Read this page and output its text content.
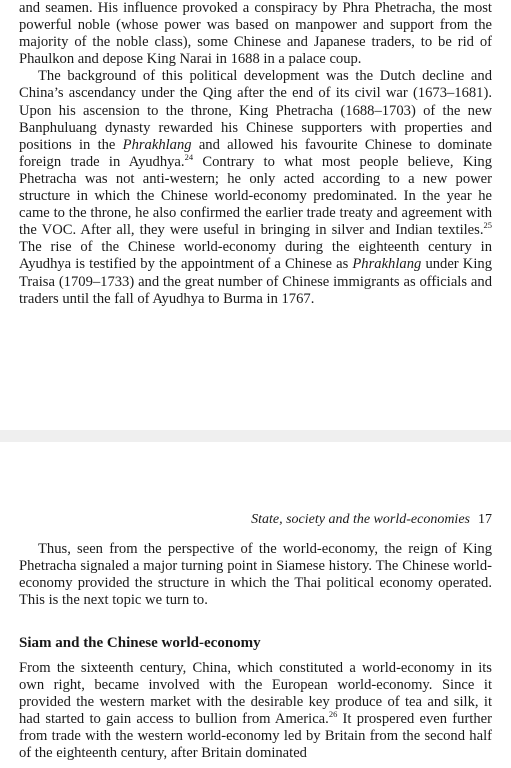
and seamen. His influence provoked a conspiracy by Phra Phetracha, the most powerful noble (whose power was based on manpower and support from the majority of the noble class), some Chinese and Japanese traders, to be rid of Phaulkon and depose King Narai in 1688 in a palace coup.

The background of this political development was the Dutch decline and China’s ascendancy under the Qing after the end of its civil war (1673–1681). Upon his ascension to the throne, King Phetracha (1688–1703) of the new Banphuluang dynasty rewarded his Chinese supporters with properties and positions in the Phrakhlang and allowed his favourite Chinese to dominate foreign trade in Ayudhya.$^{24}$ Contrary to what most people believe, King Phetracha was not anti-western; he only acted according to a new power structure in which the Chinese world-economy predominated. In the year he came to the throne, he also confirmed the earlier trade treaty and agreement with the VOC. After all, they were useful in bringing in silver and Indian textiles.$^{25}$ The rise of the Chinese world-economy during the eighteenth century in Ayudhya is testified by the appointment of a Chinese as Phrakhlang under King Traisa (1709–1733) and the great number of Chinese immigrants as officials and traders until the fall of Ayudhya to Burma in 1767.

State, society and the world-economies 17

Thus, seen from the perspective of the world-economy, the reign of King Phetracha signaled a major turning point in Siamese history. The Chinese world-economy provided the structure in which the Thai political economy operated. This is the next topic we turn to.

Siam and the Chinese world-economy

From the sixteenth century, China, which constituted a world-economy in its own right, became involved with the European world-economy. Since it provided the western market with the desirable key produce of tea and silk, it had started to gain access to bullion from America.$^{26}$ It prospered even further from trade with the western world-economy led by Britain from the second half of the eighteenth century, after Britain dominated
